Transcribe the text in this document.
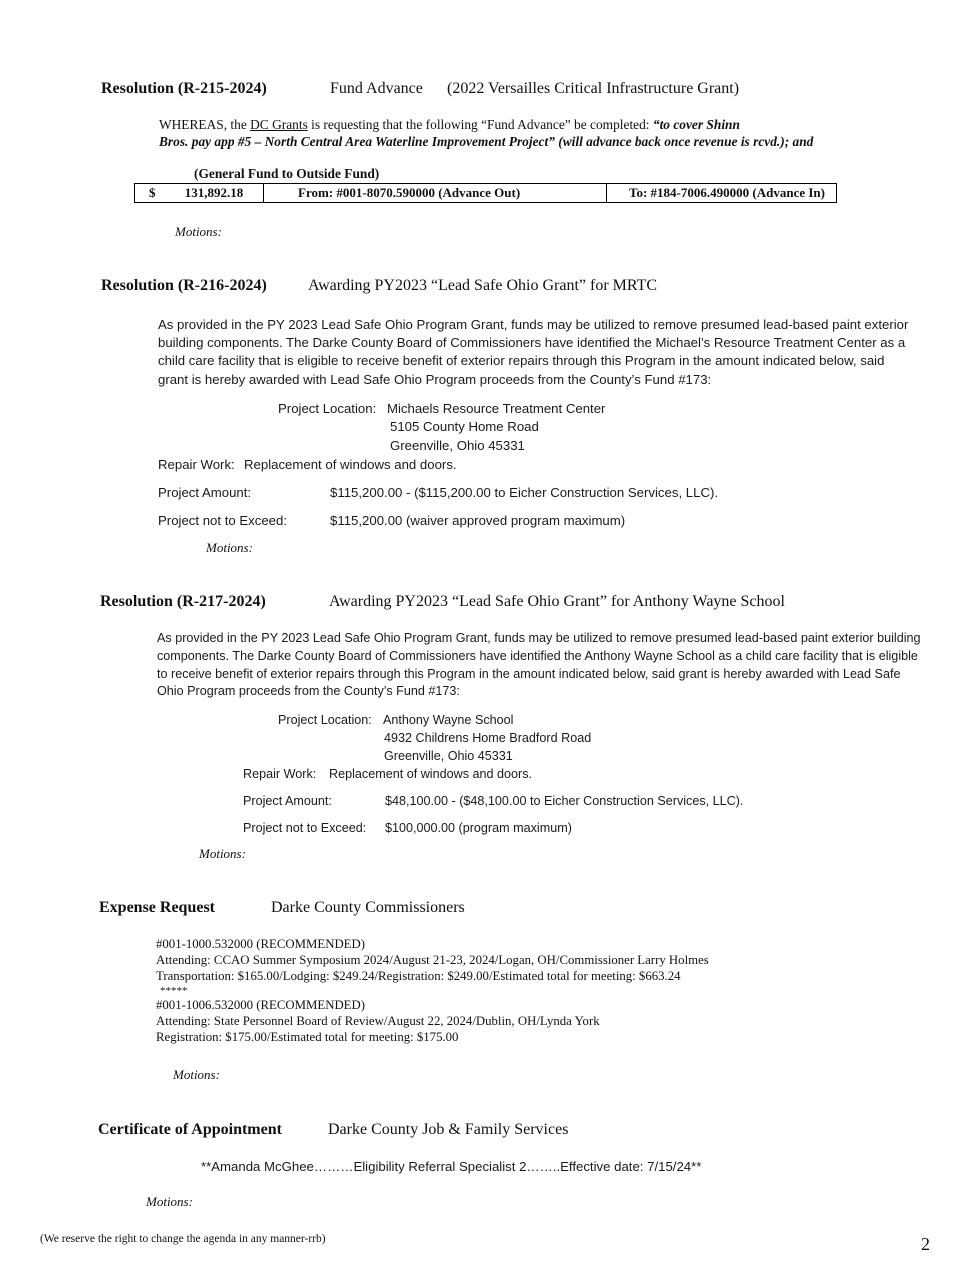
Resolution (R-215-2024)	Fund Advance (2022 Versailles Critical Infrastructure Grant)
WHEREAS, the DC Grants is requesting that the following “Fund Advance” be completed: “to cover Shinn
Bros. pay app #5 – North Central Area Waterline Improvement Project” (will advance back once revenue is rcvd.); and
(General Fund to Outside Fund)
$ 131,892.18	From: #001-8070.590000 (Advance Out)	To: #184-7006.490000 (Advance In)
Motions:
Resolution (R-216-2024)	Awarding PY2023 “Lead Safe Ohio Grant” for MRTC
As provided in the PY 2023 Lead Safe Ohio Program Grant, funds may be utilized to remove presumed lead-based paint exterior
building components. The Darke County Board of Commissioners have identified the Michael’s Resource Treatment Center as a
child care facility that is eligible to receive benefit of exterior repairs through this Program in the amount indicated below, said
grant is hereby awarded with Lead Safe Ohio Program proceeds from the County’s Fund #173:
Project Location: Michaels Resource Treatment Center
5105 County Home Road
Greenville, Ohio 45331
Repair Work: Replacement of windows and doors.
Project Amount:	$115,200.00 - ($115,200.00 to Eicher Construction Services, LLC).
Project not to Exceed:	$115,200.00 (waiver approved program maximum)
Motions:
Resolution (R-217-2024)	Awarding PY2023 “Lead Safe Ohio Grant” for Anthony Wayne School
As provided in the PY 2023 Lead Safe Ohio Program Grant, funds may be utilized to remove presumed lead-based paint exterior building
components. The Darke County Board of Commissioners have identified the Anthony Wayne School as a child care facility that is eligible
to receive benefit of exterior repairs through this Program in the amount indicated below, said grant is hereby awarded with Lead Safe
Ohio Program proceeds from the County’s Fund #173:
Project Location: Anthony Wayne School
4932 Childrens Home Bradford Road
Greenville, Ohio 45331
Repair Work: Replacement of windows and doors.
Project Amount:	$48,100.00 - ($48,100.00 to Eicher Construction Services, LLC).
Project not to Exceed: $100,000.00 (program maximum)
Motions:
Expense Request	Darke County Commissioners
#001-1000.532000 (RECOMMENDED)
Attending: CCAO Summer Symposium 2024/August 21-23, 2024/Logan, OH/Commissioner Larry Holmes
Transportation: $165.00/Lodging: $249.24/Registration: $249.00/Estimated total for meeting: $663.24
*****
#001-1006.532000 (RECOMMENDED)
Attending: State Personnel Board of Review/August 22, 2024/Dublin, OH/Lynda York
Registration: $175.00/Estimated total for meeting: $175.00
Motions:
Certificate of Appointment	Darke County Job & Family Services
**Amanda McGhee………Eligibility Referral Specialist 2……..Effective date: 7/15/24**
Motions:
(We reserve the right to change the agenda in any manner-rrb)	2
